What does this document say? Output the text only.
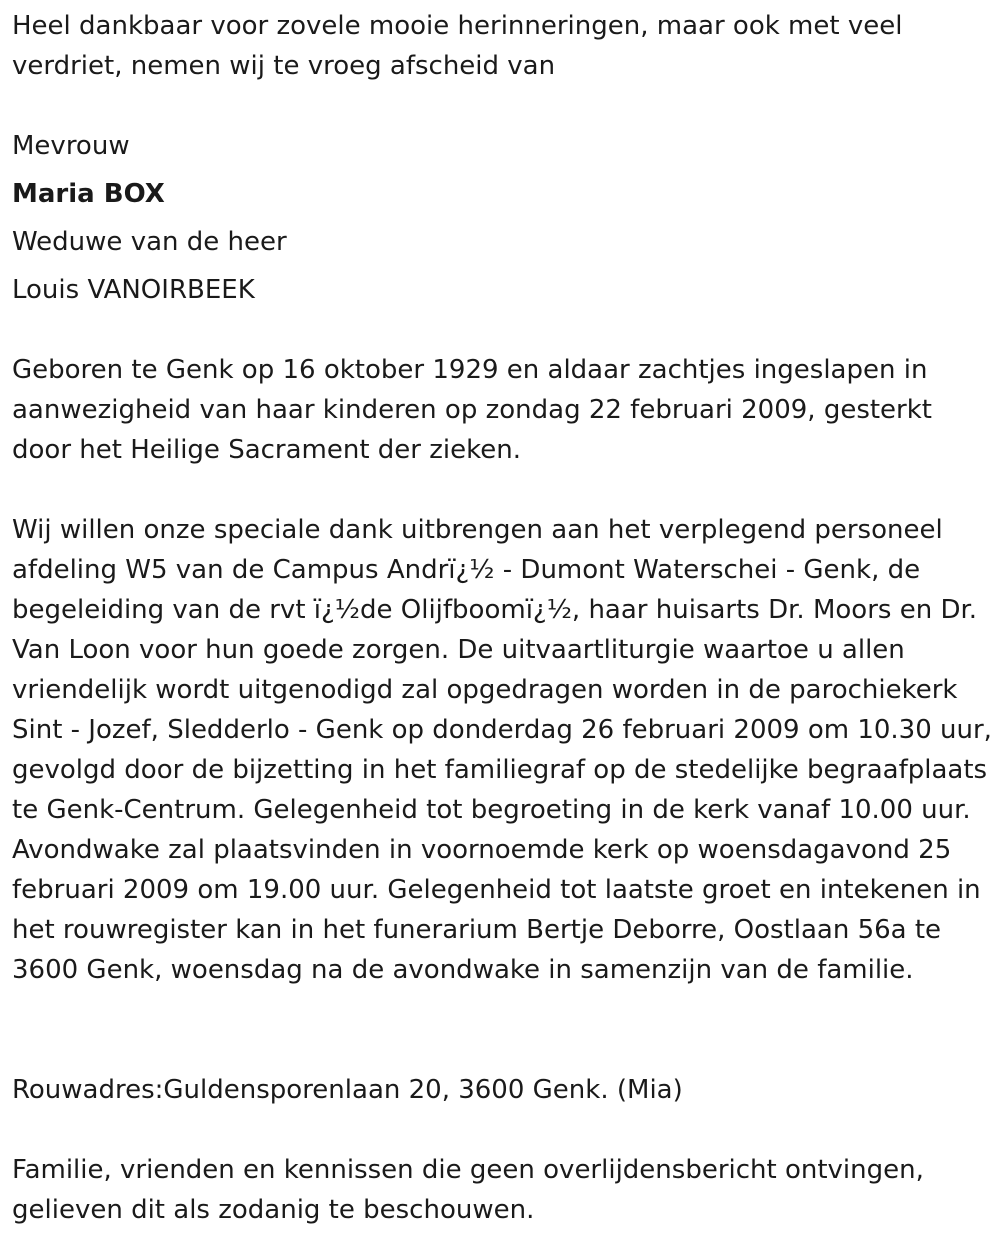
Heel dankbaar voor zovele mooie herinneringen, maar ook met veel verdriet, nemen wij te vroeg afscheid van

Mevrouw

Maria BOX

Weduwe van de heer

Louis VANOIRBEEK

Geboren te Genk op 16 oktober 1929 en aldaar zachtjes ingeslapen in aanwezigheid van haar kinderen op zondag 22 februari 2009, gesterkt door het Heilige Sacrament der zieken.

Wij willen onze speciale dank uitbrengen aan het verplegend personeel afdeling W5 van de Campus Andrï¿½ - Dumont Waterschei - Genk, de begeleiding van de rvt ï¿½de Olijfboomï¿½, haar huisarts Dr. Moors en Dr. Van Loon voor hun goede zorgen. De uitvaartliturgie waartoe u allen vriendelijk wordt uitgenodigd zal opgedragen worden in de parochiekerk Sint - Jozef, Sledderlo - Genk op donderdag 26 februari 2009 om 10.30 uur, gevolgd door de bijzetting in het familiegraf op de stedelijke begraafplaats te Genk-Centrum. Gelegenheid tot begroeting in de kerk vanaf 10.00 uur. Avondwake zal plaatsvinden in voornoemde kerk op woensdagavond 25 februari 2009 om 19.00 uur. Gelegenheid tot laatste groet en intekenen in het rouwregister kan in het funerarium Bertje Deborre, Oostlaan 56a te 3600 Genk, woensdag na de avondwake in samenzijn van de familie.

Rouwadres:Guldensporenlaan 20, 3600 Genk. (Mia)

Familie, vrienden en kennissen die geen overlijdensbericht ontvingen, gelieven dit als zodanig te beschouwen.
